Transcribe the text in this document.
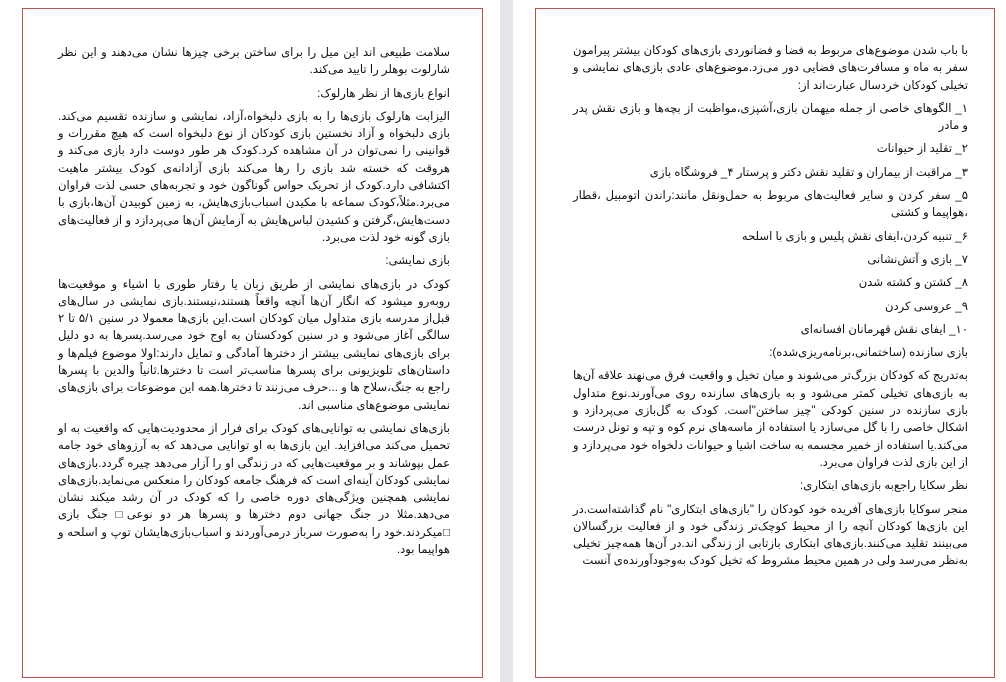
سلامت طبیعی اند این میل را برای ساختن برخی چیزها نشان می‌دهند و این نظر شارلوت بوهلر را تایید می‌کند.

انواع بازی‌ها از نظر هارلوک:

الیزابت هارلوک بازی‌ها را به بازی دلبخواه،آزاد، نمایشی و سازنده تقسیم می‌کند. بازی دلبخواه و آزاد نخستین بازی کودکان از نوع دلبخواه است که هیچ مقررات و قوانینی را نمی‌توان در آن مشاهده کرد.کودک هر طور دوست دارد بازی می‌کند و هروقت که خسته شد بازی را رها می‌کند بازی آزادانه‌ی کودک بیشتر ماهیت اکتشافی دارد.کودک از تحریک حواس گوناگون خود و تجربه‌های حسی لذت فراوان می‌برد.مثلاً،کودک سماعه با مکیدن اسباب‌بازی‌هایش، به زمین کوبیدن آن‌ها،بازی با دست‌هایش،گرفتن و کشیدن لباس‌هایش به آزمایش آن‌ها می‌پردازد و از فعالیت‌های بازی گونه خود لذت می‌برد.

بازی نمایشی:

کودک در بازی‌های نمایشی از طریق زبان یا رفتار طوری با اشیاء و موقعیت‌ها روبه‌رو میشود که انگار آن‌ها آنچه واقعاً هستند،نیستند.بازی نمایشی در سال‌های قبل‌از مدرسه بازی متداول میان کودکان است.این بازی‌ها معمولا در سنین ۵/۱ تا ۲ سالگی آغاز می‌شود و در سنین کودکستان به اوج خود می‌رسد.پسرها به دو دلیل برای بازی‌های نمایشی بیشتر از دخترها آمادگی و تمایل دارند:اولا موضوع فیلم‌ها و داستان‌های تلویزیونی برای پسرها مناسب‌تر است تا دخترها.ثانیاً والدین با پسرها راجع به جنگ،سلاح ها و ...حرف می‌زنند تا دخترها.همه این موضوعات برای بازی‌های نمایشی موضوع‌های مناسبی اند.

بازی‌های نمایشی به توانایی‌های کودک برای فرار از محدودیت‌هایی که واقعیت به او تحمیل می‌کند می‌افزاید. این بازی‌ها به او توانایی می‌دهد که به آرزوهای خود جامه عمل بپوشاند و بر موقعیت‌هایی که در زندگی او را آزار می‌دهد چیره گردد.بازی‌های نمایشی کودکان آینه‌ای است که فرهنگ جامعه کودکان را منعکس می‌نماید.بازی‌های نمایشی همچنین ویژگی‌های دوره خاصی را که کودک در آن رشد میکند نشان می‌دهد.مثلا در جنگ جهانی دوم دخترها و پسرها هر دو نوعی□ جنگ بازی □میکردند.خود را به‌صورت سرباز درمی‌آوردند و اسباب‌بازی‌هایشان توپ و اسلحه و هواپیما بود.

با باب شدن موضوع‌های مربوط به فضا و فضانوردی بازی‌های کودکان بیشتر پیرامون سفر به ماه و مسافرت‌های فضایی دور می‌زد.موضوع‌های عادی بازی‌های نمایشی و تخیلی کودکان خردسال عبارت‌اند از:

۱_ الگوهای خاصی از جمله میهمان بازی،آشپزی،مواظبت از بچه‌ها و بازی نقش پدر و مادر

۲_ تقلید از حیوانات

۳_ مراقبت از بیماران و تقلید نقش دکتر و پرستار ۴_ فروشگاه بازی

۵_ سفر کردن و سایر فعالیت‌های مربوط به حمل‌ونقل مانند:راندن اتومبیل ،قطار ،هواپیما و کشتی

۶_ تنبیه کردن،ایفای نقش پلیس و بازی با اسلحه

۷_ بازی و آتش‌نشانی

۸_ کشتن و کشته شدن

۹_ عروسی کردن

۱۰_ ایفای نقش قهرمانان افسانه‌ای

بازی سازنده (ساختمانی،برنامه‌ریزی‌شده):

به‌تدریج که کودکان بزرگ‌تر می‌شوند و میان تخیل و واقعیت فرق می‌نهند علاقه آن‌ها به بازی‌های تخیلی کمتر می‌شود و به بازی‌های سازنده روی می‌آورند.نوع متداول بازی سازنده در سنین کودکی "چیز ساختن"است. کودک به گل‌بازی می‌پردازد و اشکال خاصی را با گل می‌سازد یا استفاده از ماسه‌های نرم کوه و تپه و تونل درست می‌کند.یا استفاده از خمیر مجسمه به ساخت اشیا و حیوانات دلخواه خود می‌پردازد و از این بازی لذت فراوان می‌برد.

نظر سکایا راجع‌به بازی‌های ابتکاری:

منجر سوکایا بازی‌های آفریده خود کودکان را "بازی‌های ابتکاری" نام گذاشته‌است.در این بازی‌ها کودکان آنچه را از محیط کوچک‌تر زندگی خود و از فعالیت بزرگسالان می‌بینند تقلید می‌کنند.بازی‌های ابتکاری بازتابی از زندگی اند.در آن‌ها همه‌چیز تخیلی به‌نظر می‌رسد ولی در همین محیط مشروط که تخیل کودک به‌وجودآورنده‌ی آنست
